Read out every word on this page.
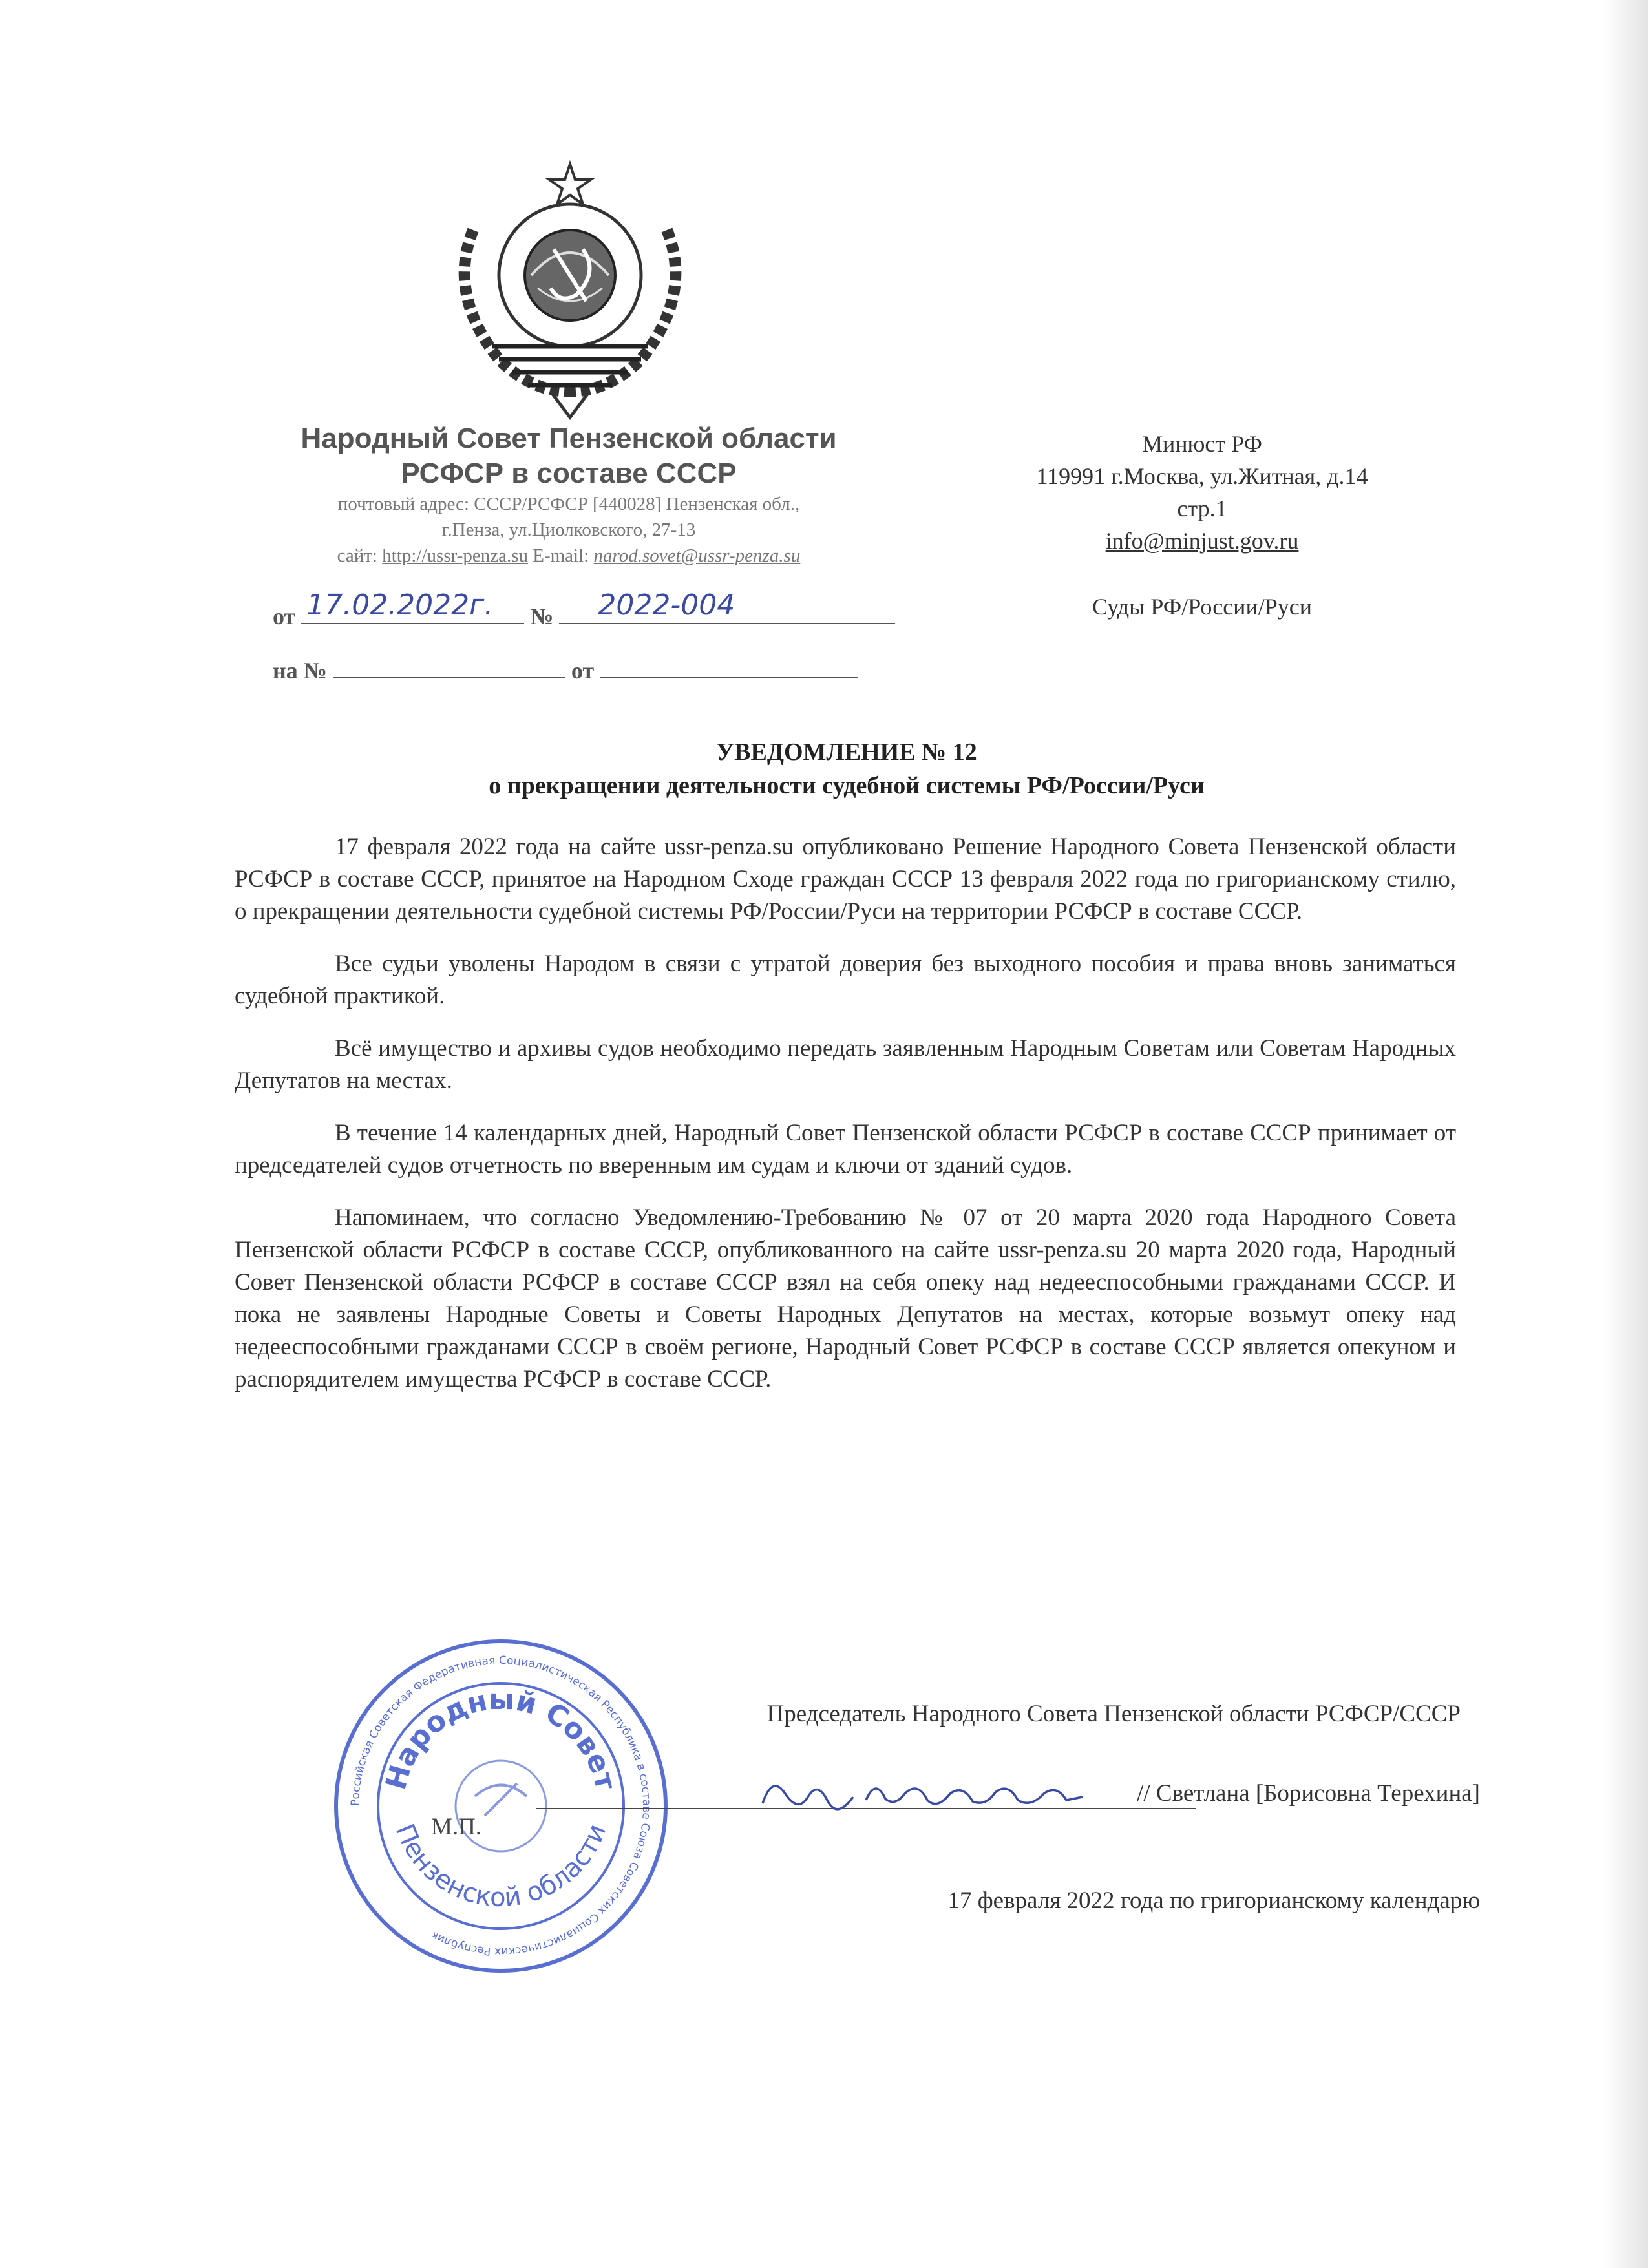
Народный Совет Пензенской области
РСФСР в составе СССР
почтовый адрес: СССР/РСФСР [440028] Пензенская обл.,
г.Пенза, ул.Циолковского, 27-13
сайт: http://ussr-penza.su E-mail: narod.sovet@ussr-penza.su
от 17.02.2022г. № 2022-004
на №	от
Минюст РФ
119991 г.Москва, ул.Житная, д.14
стр.1
info@minjust.gov.ru
Суды РФ/России/Руси
УВЕДОМЛЕНИЕ № 12
о прекращении деятельности судебной системы РФ/России/Руси

17 февраля 2022 года на сайте ussr-penza.su опубликовано Решение Народного Совета Пензенской области РСФСР в составе СССР, принятое на Народном Сходе граждан СССР 13 февраля 2022 года по григорианскому стилю, о прекращении деятельности судебной системы РФ/России/Руси на территории РСФСР в составе СССР.

Все судьи уволены Народом в связи с утратой доверия без выходного пособия и права вновь заниматься судебной практикой.

Всё имущество и архивы судов необходимо передать заявленным Народным Советам или Советам Народных Депутатов на местах.

В течение 14 календарных дней, Народный Совет Пензенской области РСФСР в составе СССР принимает от председателей судов отчетность по вверенным им судам и ключи от зданий судов.

Напоминаем, что согласно Уведомлению-Требованию № 07 от 20 марта 2020 года Народного Совета Пензенской области РСФСР в составе СССР, опубликованного на сайте ussr-penza.su 20 марта 2020 года, Народный Совет Пензенской области РСФСР в составе СССР взял на себя опеку над недееспособными гражданами СССР. И пока не заявлены Народные Советы и Советы Народных Депутатов на местах, которые возьмут опеку над недееспособными гражданами СССР в своём регионе, Народный Совет РСФСР в составе СССР является опекуном и распорядителем имущества РСФСР в составе СССР.

Российская Советская Федеративная Социалистическая Республика в составе Союза Советских Социалистических Республик
Народный Совет
Пензенской области
Председатель Народного Совета Пензенской области РСФСР/СССР
// Светлана [Борисовна Терехина]
М.П.
17 февраля 2022 года по григорианскому календарю
